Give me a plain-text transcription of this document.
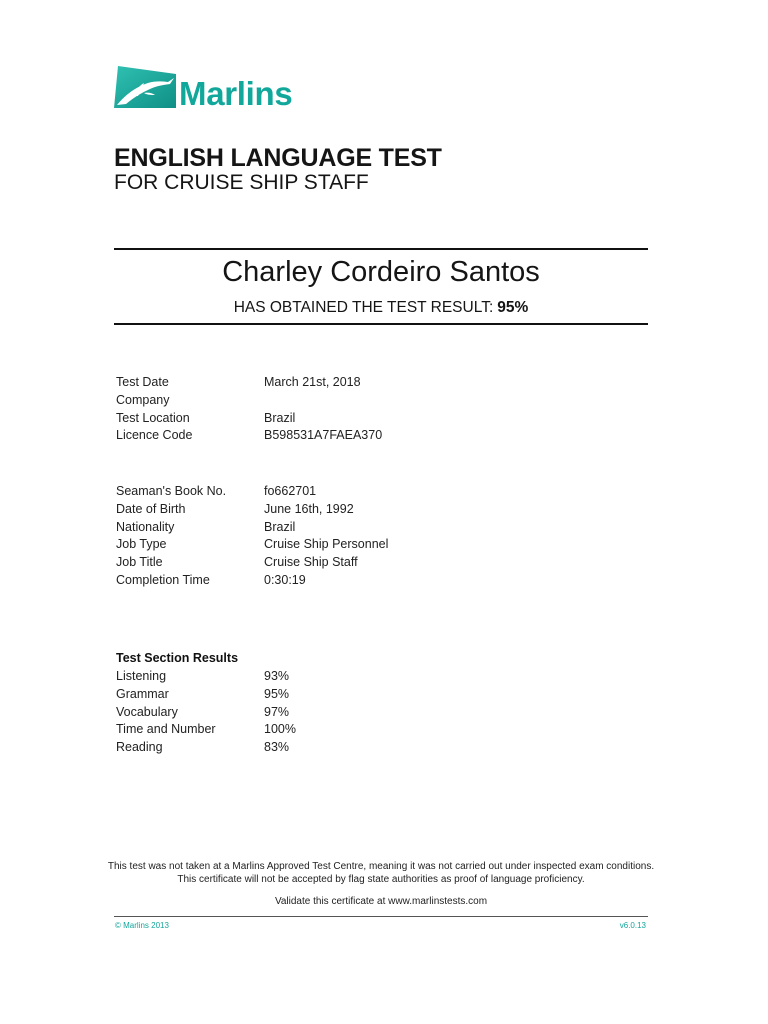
Marlins
ENGLISH LANGUAGE TEST
FOR CRUISE SHIP STAFF
Charley Cordeiro Santos
HAS OBTAINED THE TEST RESULT: 95%
Test Date	March 21st, 2018
Company
Test Location	Brazil
Licence Code	B598531A7FAEA370
Seaman's Book No.	fo662701
Date of Birth	June 16th, 1992
Nationality	Brazil
Job Type	Cruise Ship Personnel
Job Title	Cruise Ship Staff
Completion Time	0:30:19
Test Section Results
Listening	93%
Grammar	95%
Vocabulary	97%
Time and Number	100%
Reading	83%
This test was not taken at a Marlins Approved Test Centre, meaning it was not carried out under inspected exam conditions.
This certificate will not be accepted by flag state authorities as proof of language proficiency.
Validate this certificate at www.marlinstests.com
© Marlins 2013	v6.0.13
